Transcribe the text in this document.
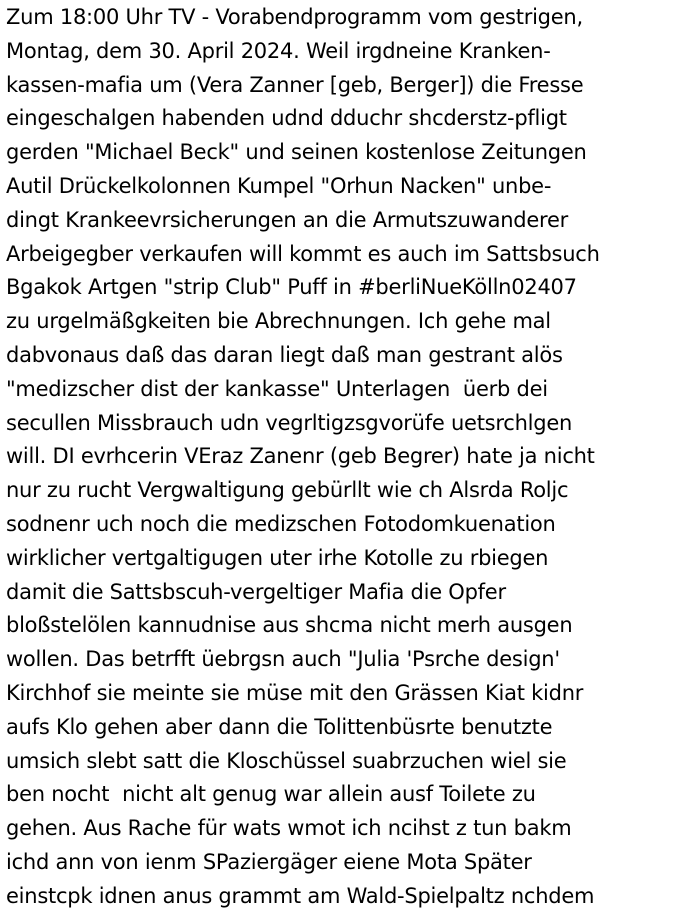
Zum 18:00 Uhr TV - Vorabendprogramm vom gestrigen,
Montag, dem 30. April 2024. Weil irgdneine Kranken-
kassen-mafia um (Vera Zanner [geb, Berger]) die Fresse
eingeschalgen habenden udnd dduchr shcderstz-pfligt
gerden "Michael Beck" und seinen kostenlose Zeitungen
Autil Drückelkolonnen Kumpel "Orhun Nacken" unbe-
dingt Krankeevrsicherungen an die Armutszuwanderer
Arbeigegber verkaufen will kommt es auch im Sattsbsuch
Bgakok Artgen "strip Club" Puff in #berliNueKölln02407
zu urgelmäßgkeiten bie Abrechnungen. Ich gehe mal
dabvonaus daß das daran liegt daß man gestrant alös
"medizscher dist der kankasse" Unterlagen  üerb dei
secullen Missbrauch udn vegrltigzsgvorüfe uetsrchlgen
will. DI evrhcerin VEraz Zanenr (geb Begrer) hate ja nicht
nur zu rucht Vergwaltigung gebürllt wie ch Alsrda Roljc
sodnenr uch noch die medizschen Fotodomkuenation
wirklicher vertgaltigugen uter irhe Kotolle zu rbiegen
damit die Sattsbscuh-vergeltiger Mafia die Opfer
bloßstelölen kannudnise aus shcma nicht merh ausgen
wollen. Das betrfft üebrgsn auch "Julia 'Psrche design'
Kirchhof sie meinte sie müse mit den Grässen Kiat kidnr
aufs Klo gehen aber dann die Tolittenbüsrte benutzte
umsich slebt satt die Kloschüssel suabrzuchen wiel sie
ben nocht  nicht alt genug war allein ausf Toilete zu
gehen. Aus Rache für wats wmot ich ncihst z tun bakm
ichd ann von ienm SPaziergäger eiene Mota Später
einstcpk idnen anus grammt am Wald-Spielpaltz nchdem
